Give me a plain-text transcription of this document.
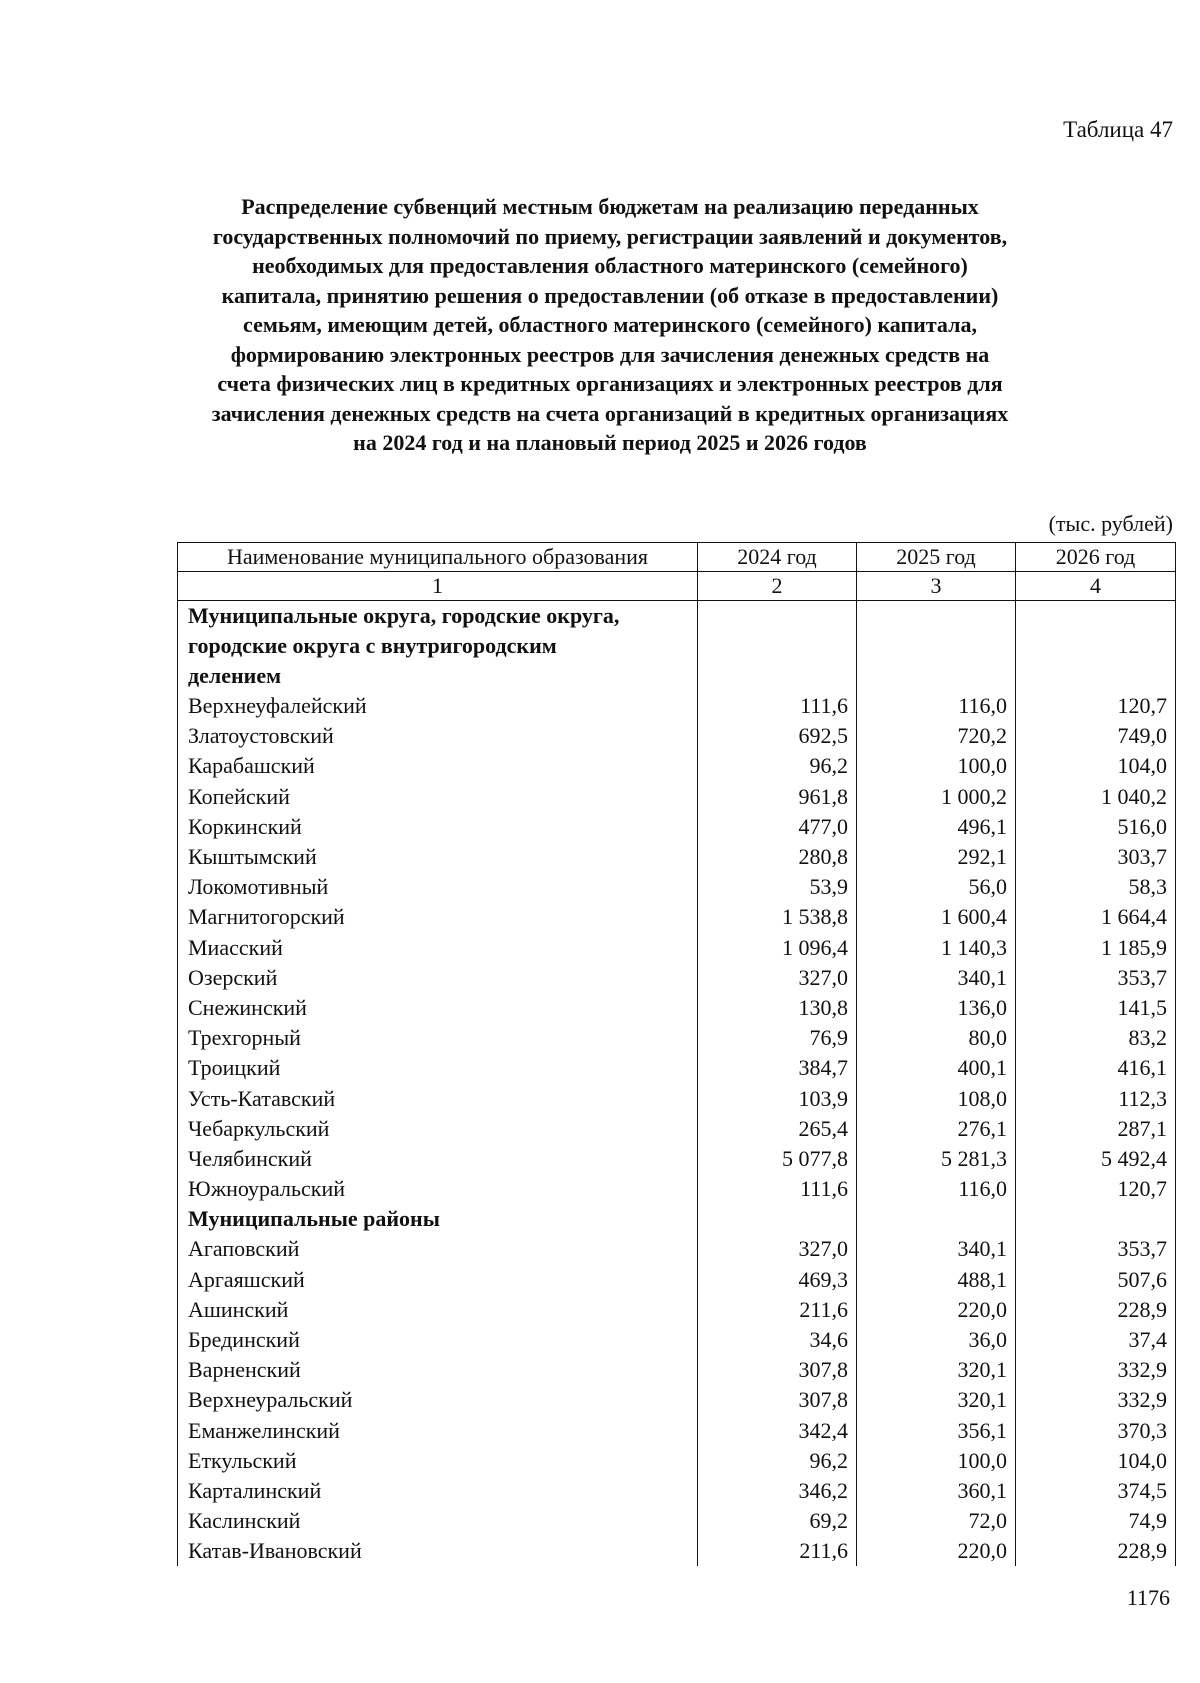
Таблица 47
Распределение субвенций местным бюджетам на реализацию переданных
государственных полномочий по приему, регистрации заявлений и документов,
необходимых для предоставления областного материнского (семейного)
капитала, принятию решения о предоставлении (об отказе в предоставлении)
семьям, имеющим детей, областного материнского (семейного) капитала,
формированию электронных реестров для зачисления денежных средств на
счета физических лиц в кредитных организациях и электронных реестров для
зачисления денежных средств на счета организаций в кредитных организациях
на 2024 год и на плановый период 2025 и 2026 годов
(тыс. рублей)
Наименование муниципального образования	2024 год	2025 год	2026 год
1	2	3	4
Муниципальные округа, городские округа, городские округа с внутригородским делением			
Верхнеуфалейский	111,6	116,0	120,7
Златоустовский	692,5	720,2	749,0
Карабашский	96,2	100,0	104,0
Копейский	961,8	1 000,2	1 040,2
Коркинский	477,0	496,1	516,0
Кыштымский	280,8	292,1	303,7
Локомотивный	53,9	56,0	58,3
Магнитогорский	1 538,8	1 600,4	1 664,4
Миасский	1 096,4	1 140,3	1 185,9
Озерский	327,0	340,1	353,7
Снежинский	130,8	136,0	141,5
Трехгорный	76,9	80,0	83,2
Троицкий	384,7	400,1	416,1
Усть-Катавский	103,9	108,0	112,3
Чебаркульский	265,4	276,1	287,1
Челябинский	5 077,8	5 281,3	5 492,4
Южноуральский	111,6	116,0	120,7
Муниципальные районы			
Агаповский	327,0	340,1	353,7
Аргаяшский	469,3	488,1	507,6
Ашинский	211,6	220,0	228,9
Брединский	34,6	36,0	37,4
Варненский	307,8	320,1	332,9
Верхнеуральский	307,8	320,1	332,9
Еманжелинский	342,4	356,1	370,3
Еткульский	96,2	100,0	104,0
Карталинский	346,2	360,1	374,5
Каслинский	69,2	72,0	74,9
Катав-Ивановский	211,6	220,0	228,9
1176
